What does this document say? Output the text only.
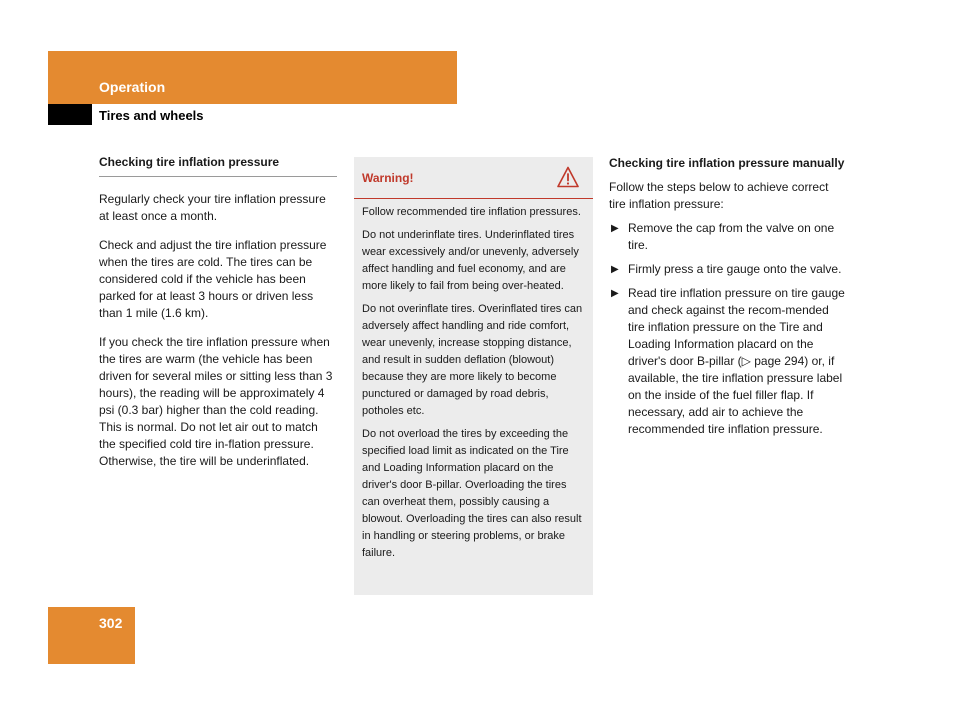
Operation
Tires and wheels
Checking tire inflation pressure

Regularly check your tire inflation pressure at least once a month.

Check and adjust the tire inflation pressure when the tires are cold. The tires can be considered cold if the vehicle has been parked for at least 3 hours or driven less than 1 mile (1.6 km).

If you check the tire inflation pressure when the tires are warm (the vehicle has been driven for several miles or sitting less than 3 hours), the reading will be approximately 4 psi (0.3 bar) higher than the cold reading. This is normal. Do not let air out to match the specified cold tire in-flation pressure. Otherwise, the tire will be underinflated.

Warning!

Follow recommended tire inflation pressures.

Do not underinflate tires. Underinflated tires wear excessively and/or unevenly, adversely affect handling and fuel economy, and are more likely to fail from being over-heated.

Do not overinflate tires. Overinflated tires can adversely affect handling and ride comfort, wear unevenly, increase stopping distance, and result in sudden deflation (blowout) because they are more likely to become punctured or damaged by road debris, potholes etc.

Do not overload the tires by exceeding the specified load limit as indicated on the Tire and Loading Information placard on the driver's door B-pillar. Overloading the tires can overheat them, possibly causing a blowout. Overloading the tires can also result in handling or steering problems, or brake failure.

Checking tire inflation pressure manually

Follow the steps below to achieve correct tire inflation pressure:

▶ Remove the cap from the valve on one tire.
▶ Firmly press a tire gauge onto the valve.
▶ Read tire inflation pressure on tire gauge and check against the recom-mended tire inflation pressure on the Tire and Loading Information placard on the driver's door B-pillar (▷ page 294) or, if available, the tire inflation pressure label on the inside of the fuel filler flap. If necessary, add air to achieve the recommended tire inflation pressure.
302
